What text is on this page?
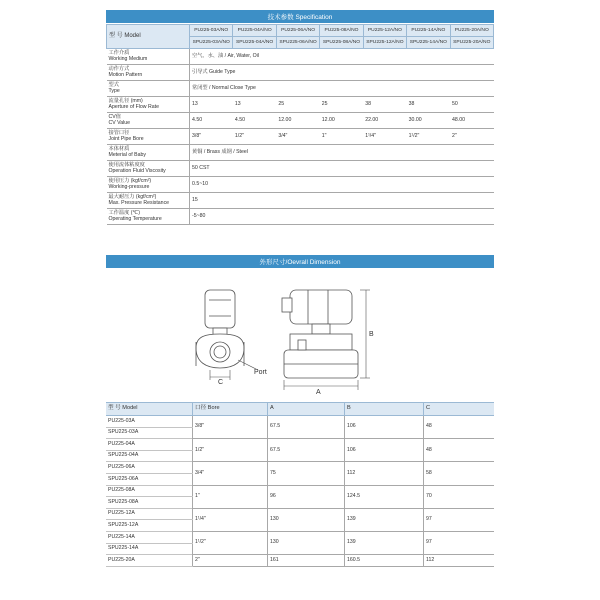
技术参数 Specification
型 号 Model	PU225-03A/NO	PU225-04A/NO	PU225-06A/NO	PU225-08A/NO	PU225-12A/NO	PU225-14A/NO	PU225-20A/NO
	SPU225-03A/NO	SPU225-04A/NO	SPU225-06A/NO	SPU225-08A/NO	SPU225-12A/NO	SPU225-14A/NO	SPU225-20A/NO

工作介质
Working Medium	空气、水、油 / Air, Water, Oil						

动作方式
Motion Pattern	引导式 Guide Type						

型式
Type	常闭型 / Normal Close Type						

流量孔径 (mm)
Aperture of Flow Rate	13	13	25	25	38	38	50

CV值
CV Value	4.50	4.50	12.00	12.00	22.00	30.00	48.00

接管口径
Joint Pipe Bore	3/8"	1/2"	3/4"	1"	1¹/4"	1¹/2"	2"

本体材质
Meterial of Baby	黄铜 / Brass 成钢 / Steel						

使用流体粘度度
Operation Fluid Viscosity	50 CST						

使用压力 (kgf/cm²)
Working-pressure	0.5~10						

最大耐压力 (kgf/cm²)
Max. Pressure Resistance	15						

工作温度 (℃)
Operating Temperature	-5~80						
外形尺寸/Oevrall Dimension
C
Port
A
B
型 号 Model	口径 Bore	A	B	C
PU225-03A	3/8"	67.5	106	48
SPU225-03A				
PU225-04A	1/2"	67.5	106	48
SPU225-04A				
PU225-06A	3/4"	75	112	58
SPU225-06A				
PU225-08A	1"	96	124.5	70
SPU225-08A				
PU225-12A	1¹/4"	130	139	97
SPU225-12A				
PU225-14A	1¹/2"	130	139	97
SPU225-14A				
PU225-20A	2"	161	160.5	112
